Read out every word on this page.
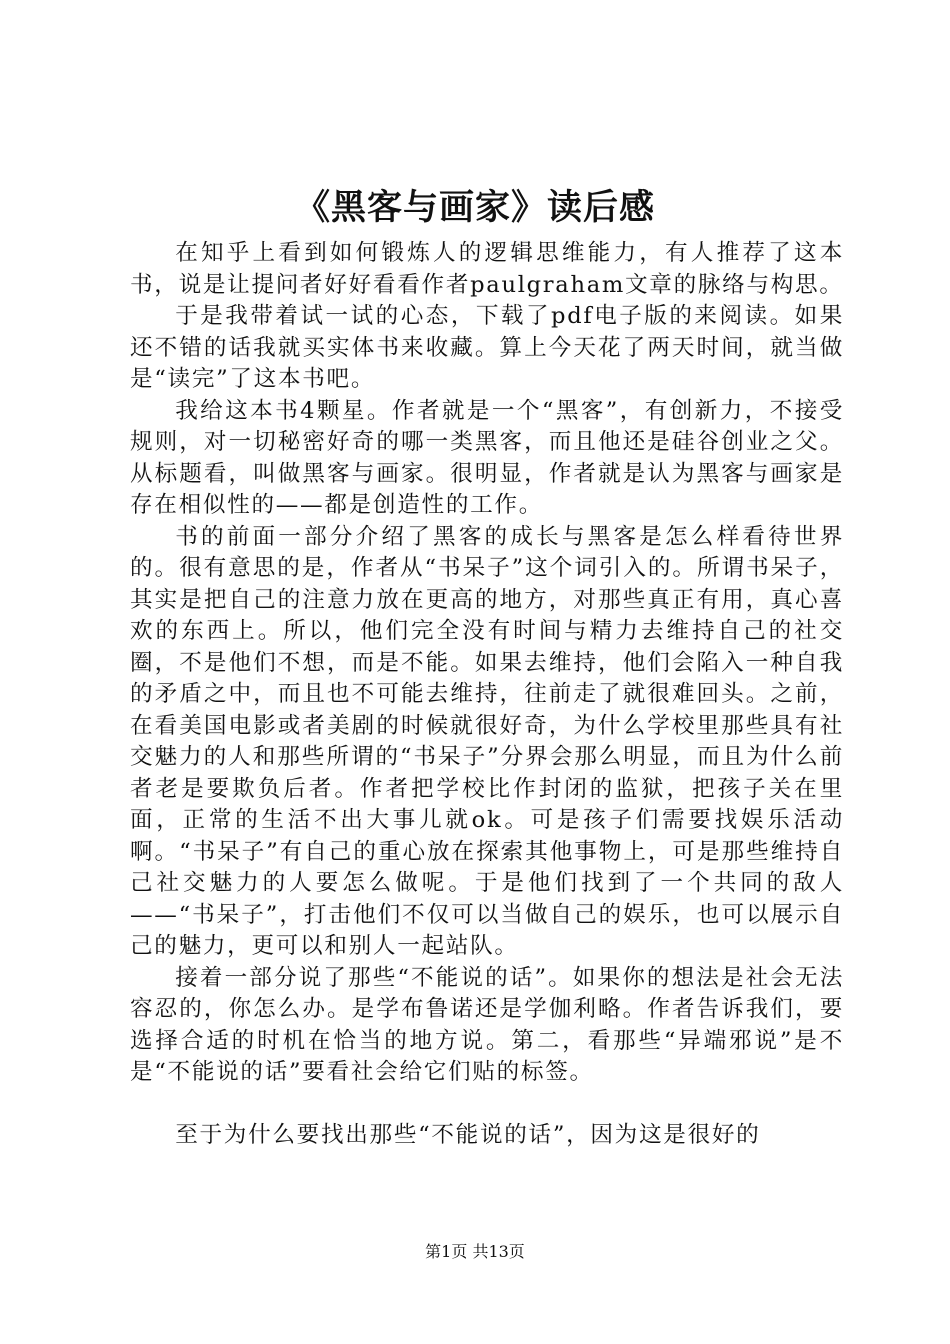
《黑客与画家》读后感

在知乎上看到如何锻炼人的逻辑思维能力，有人推荐了这本书，说是让提问者好好看看作者paulgraham文章的脉络与构思。

于是我带着试一试的心态，下载了pdf电子版的来阅读。如果还不错的话我就买实体书来收藏。算上今天花了两天时间，就当做是“读完”了这本书吧。

我给这本书4颗星。作者就是一个“黑客”，有创新力，不接受规则，对一切秘密好奇的哪一类黑客，而且他还是硅谷创业之父。从标题看，叫做黑客与画家。很明显，作者就是认为黑客与画家是存在相似性的——都是创造性的工作。

书的前面一部分介绍了黑客的成长与黑客是怎么样看待世界的。很有意思的是，作者从“书呆子”这个词引入的。所谓书呆子，其实是把自己的注意力放在更高的地方，对那些真正有用，真心喜欢的东西上。所以，他们完全没有时间与精力去维持自己的社交圈，不是他们不想，而是不能。如果去维持，他们会陷入一种自我的矛盾之中，而且也不可能去维持，往前走了就很难回头。之前，在看美国电影或者美剧的时候就很好奇，为什么学校里那些具有社交魅力的人和那些所谓的“书呆子”分界会那么明显，而且为什么前者老是要欺负后者。作者把学校比作封闭的监狱，把孩子关在里面，正常的生活不出大事儿就ok。可是孩子们需要找娱乐活动啊。“书呆子”有自己的重心放在探索其他事物上，可是那些维持自己社交魅力的人要怎么做呢。于是他们找到了一个共同的敌人——“书呆子”，打击他们不仅可以当做自己的娱乐，也可以展示自己的魅力，更可以和别人一起站队。

接着一部分说了那些“不能说的话”。如果你的想法是社会无法容忍的，你怎么办。是学布鲁诺还是学伽利略。作者告诉我们，要选择合适的时机在恰当的地方说。第二，看那些“异端邪说”是不是“不能说的话”要看社会给它们贴的标签。

至于为什么要找出那些“不能说的话”，因为这是很好的

第1页 共13页
